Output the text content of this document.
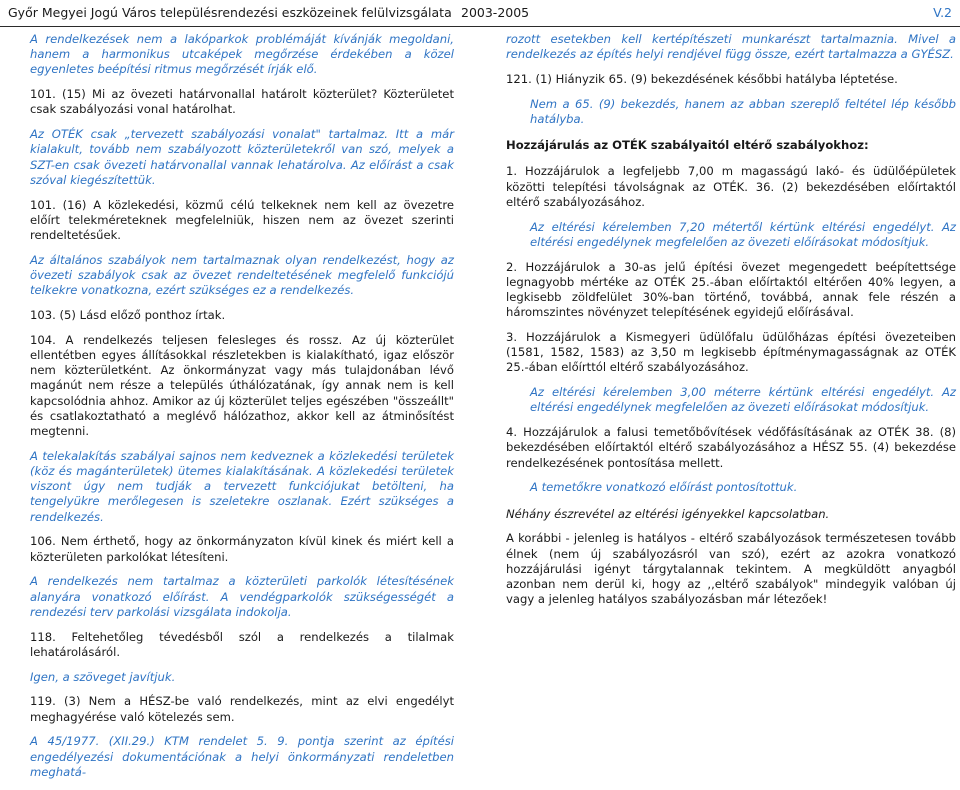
Győr Megyei Jogú Város településrendezési eszközeinek felülvizsgálata 2003-2005	V.2

A rendelkezések nem a lakóparkok problémáját kívánják megoldani, hanem a harmonikus utcaképek megőrzése érdekében a közel egyenletes beépítési ritmus megőrzését írják elő.

101. (15) Mi az övezeti határvonallal határolt közterület? Közterületet csak szabályozási vonal határolhat.

Az OTÉK csak „tervezett szabályozási vonalat" tartalmaz. Itt a már kialakult, tovább nem szabályozott közterületekről van szó, melyek a SZT-en csak övezeti határvonallal vannak lehatárolva. Az előírást a csak szóval kiegészítettük.

101. (16) A közlekedési, közmű célú telkeknek nem kell az övezetre előírt telekméreteknek megfelelniük, hiszen nem az övezet szerinti rendeltetésűek.

Az általános szabályok nem tartalmaznak olyan rendelkezést, hogy az övezeti szabályok csak az övezet rendeltetésének megfelelő funkciójú telkekre vonatkozna, ezért szükséges ez a rendelkezés.

103. (5) Lásd előző ponthoz írtak.

104. A rendelkezés teljesen felesleges és rossz. Az új közterület ellentétben egyes állításokkal részletekben is kialakítható, igaz először nem közterületként. Az önkormányzat vagy más tulajdonában lévő magánút nem része a település úthálózatának, így annak nem is kell kapcsolódnia ahhoz. Amikor az új közterület teljes egészében "összeállt" és csatlakoztatható a meglévő hálózathoz, akkor kell az átminősítést megtenni.

A telekalakítás szabályai sajnos nem kedveznek a közlekedési területek (köz és magánterületek) ütemes kialakításának. A közlekedési területek viszont úgy nem tudják a tervezett funkciójukat betölteni, ha tengelyükre merőlegesen is szeletekre oszlanak. Ezért szükséges a rendelkezés.

106. Nem érthető, hogy az önkormányzaton kívül kinek és miért kell a közterületen parkolókat létesíteni.

A rendelkezés nem tartalmaz a közterületi parkolók létesítésének alanyára vonatkozó előírást. A vendégparkolók szükségességét a rendezési terv parkolási vizsgálata indokolja.

118. Feltehetőleg tévedésből szól a rendelkezés a tilalmak lehatárolásáról.

Igen, a szöveget javítjuk.

119. (3) Nem a HÉSZ-be való rendelkezés, mint az elvi engedélyt meghagyérése való kötelezés sem.

A 45/1977. (XII.29.) KTM rendelet 5. 9. pontja szerint az építési engedélyezési dokumentációnak a helyi önkormányzati rendeletben meghatá-

rozott esetekben kell kertépítészeti munkarészt tartalmaznia. Mivel a rendelkezés az építés helyi rendjével függ össze, ezért tartalmazza a GYÉSZ.

121. (1) Hiányzik 65. (9) bekezdésének későbbi hatályba léptetése.

Nem a 65. (9) bekezdés, hanem az abban szereplő feltétel lép később hatályba.

Hozzájárulás az OTÉK szabályaitól eltérő szabályokhoz:

1. Hozzájárulok a legfeljebb 7,00 m magasságú lakó- és üdülőépületek közötti telepítési távolságnak az OTÉK. 36. (2) bekezdésében előírtaktól eltérő szabályozásához.

Az eltérési kérelemben 7,20 métertől kértünk eltérési engedélyt. Az eltérési engedélynek megfelelően az övezeti előírásokat módosítjuk.

2. Hozzájárulok a 30-as jelű építési övezet megengedett beépítettsége legnagyobb mértéke az OTÉK 25.-ában előírtaktól eltérően 40% legyen, a legkisebb zöldfelület 30%-ban történő, továbbá, annak fele részén a háromszintes növényzet telepítésének egyidejű előírásával.

3. Hozzájárulok a Kismegyeri üdülőfalu üdülőházas építési övezeteiben (1581, 1582, 1583) az 3,50 m legkisebb építménymagasságnak az OTÉK 25.-ában előírttól eltérő szabályozásához.

Az eltérési kérelemben 3,00 méterre kértünk eltérési engedélyt. Az eltérési engedélynek megfelelően az övezeti előírásokat módosítjuk.

4. Hozzájárulok a falusi temetőbővítések védőfásításának az OTÉK 38. (8) bekezdésében előírtaktól eltérő szabályozásához a HÉSZ 55. (4) bekezdése rendelkezésének pontosítása mellett.

A temetőkre vonatkozó előírást pontosítottuk.

Néhány észrevétel az eltérési igényekkel kapcsolatban.

A korábbi - jelenleg is hatályos - eltérő szabályozások természetesen tovább élnek (nem új szabályozásról van szó), ezért az azokra vonatkozó hozzájárulási igényt tárgytalannak tekintem. A megküldött anyagból azonban nem derül ki, hogy az ,,eltérő szabályok" mindegyik valóban új vagy a jelenleg hatályos szabályozásban már létezőek!
